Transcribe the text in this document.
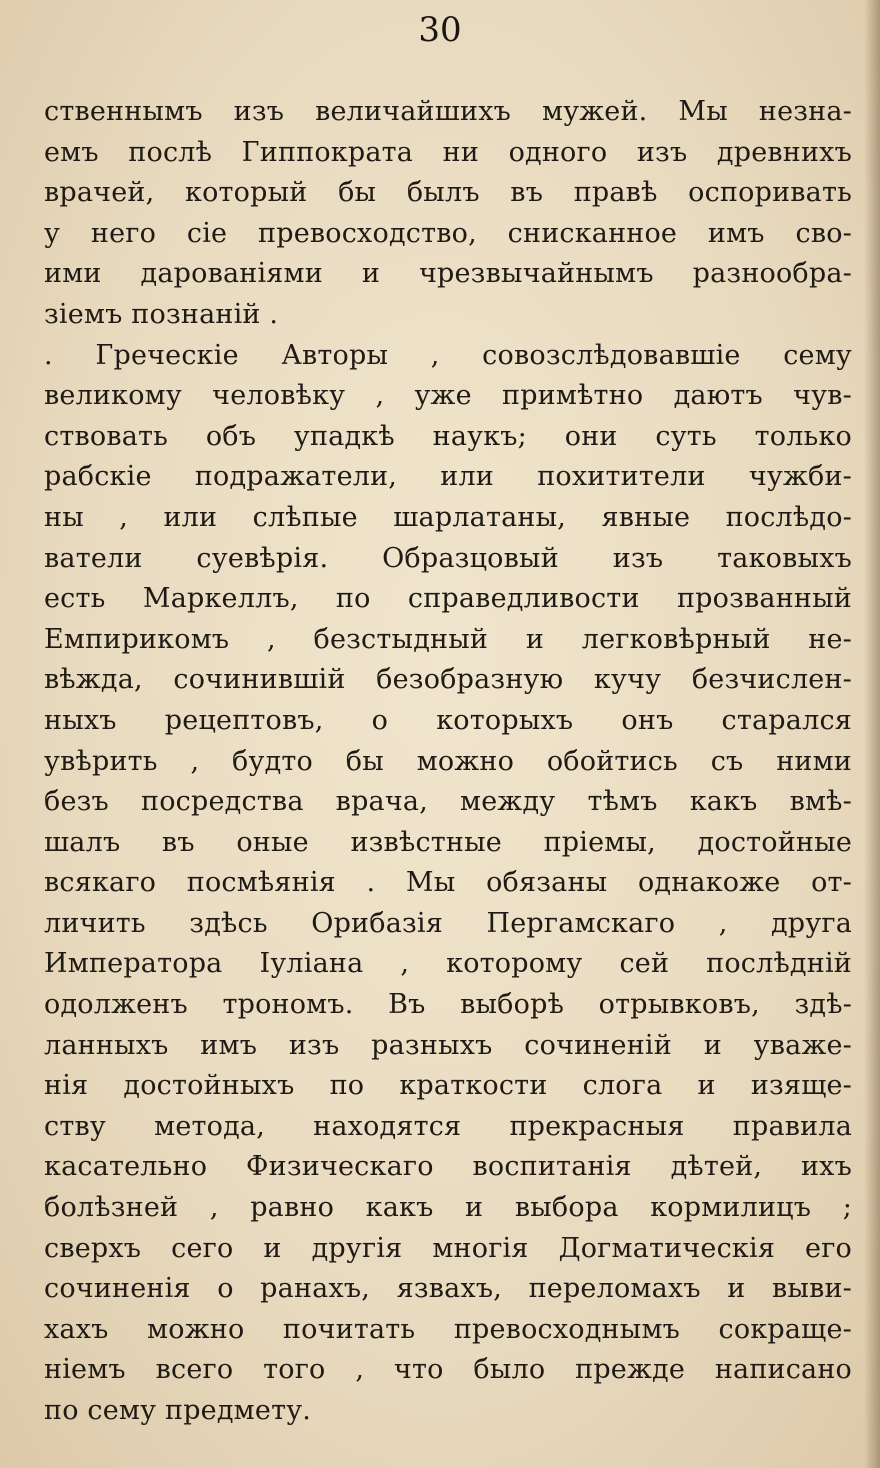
30
ственнымъ изъ величайшихъ мужей. Мы незна-
емъ послѣ Гиппократа ни одного изъ древнихъ
врачей, который бы былъ въ правѣ оспоривать
у него сіе превосходство, снисканное имъ сво-
ими дарованіями и чрезвычайнымъ разнообра-
зіемъ познаній .
. Греческіе Авторы , совозслѣдовавшіе сему
великому человѣку , уже примѣтно даютъ чув-
ствовать объ упадкѣ наукъ; они суть только
рабскіе подражатели, или похитители чужби-
ны , или слѣпые шарлатаны, явные послѣдо-
ватели суевѣрія. Образцовый изъ таковыхъ
есть Маркеллъ, по справедливости прозванный
Емпирикомъ , безстыдный и легковѣрный не-
вѣжда, сочинившій безобразную кучу безчислен-
ныхъ рецептовъ, о которыхъ онъ старался
увѣрить , будто бы можно обойтись съ ними
безъ посредства врача, между тѣмъ какъ вмѣ-
шалъ въ оные извѣстные пріемы, достойные
всякаго посмѣянія . Мы обязаны однакоже от-
личить здѣсь Орибазія Пергамскаго , друга
Императора Іуліана , которому сей послѣдній
одолженъ трономъ. Въ выборѣ отрывковъ, здѣ-
ланныхъ имъ изъ разныхъ сочиненій и уваже-
нія достойныхъ по краткости слога и изяще-
ству метода, находятся прекрасныя правила
касательно Физическаго воспитанія дѣтей, ихъ
болѣзней , равно какъ и выбора кормилицъ ;
сверхъ сего и другія многія Догматическія его
сочиненія о ранахъ, язвахъ, переломахъ и выви-
хахъ можно почитать превосходнымъ сокраще-
ніемъ всего того , что было прежде написано
по сему предмету.
